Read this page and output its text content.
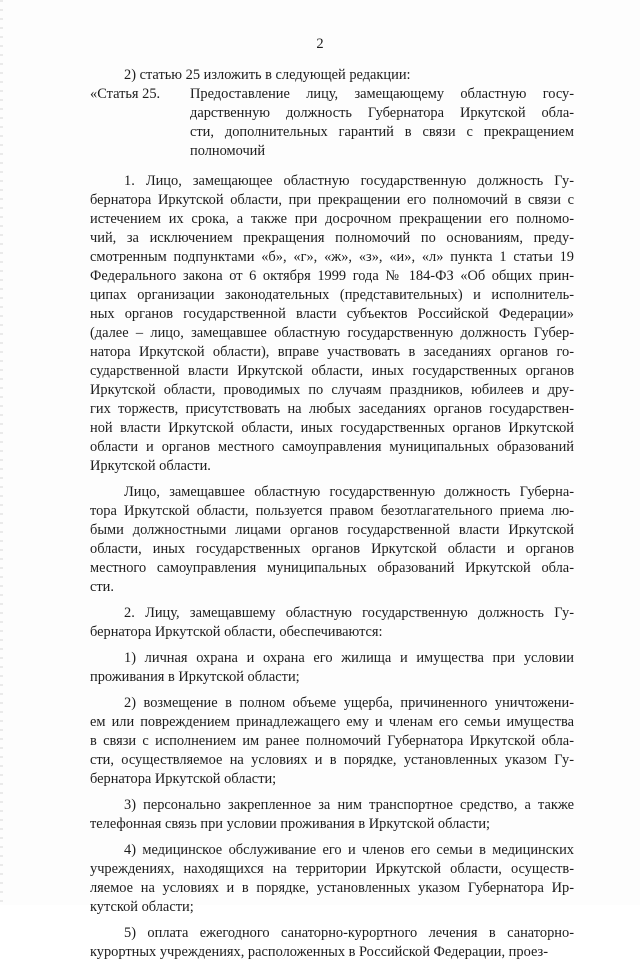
2
2) статью 25 изложить в следующей редакции:
«Статья 25.	Предоставление лицу, замещающему областную госу-
дарственную должность Губернатора Иркутской обла-
сти, дополнительных гарантий в связи с прекращением
полномочий
1. Лицо, замещающее областную государственную должность Гу-
бернатора Иркутской области, при прекращении его полномочий в связи с
истечением их срока, а также при досрочном прекращении его полномо-
чий, за исключением прекращения полномочий по основаниям, преду-
смотренным подпунктами «б», «г», «ж», «з», «и», «л» пункта 1 статьи 19
Федерального закона от 6 октября 1999 года № 184-ФЗ «Об общих прин-
ципах организации законодательных (представительных) и исполнитель-
ных органов государственной власти субъектов Российской Федерации»
(далее – лицо, замещавшее областную государственную должность Губер-
натора Иркутской области), вправе участвовать в заседаниях органов го-
сударственной власти Иркутской области, иных государственных органов
Иркутской области, проводимых по случаям праздников, юбилеев и дру-
гих торжеств, присутствовать на любых заседаниях органов государствен-
ной власти Иркутской области, иных государственных органов Иркутской
области и органов местного самоуправления муниципальных образований
Иркутской области.
Лицо, замещавшее областную государственную должность Губерна-
тора Иркутской области, пользуется правом безотлагательного приема лю-
быми должностными лицами органов государственной власти Иркутской
области, иных государственных органов Иркутской области и органов
местного самоуправления муниципальных образований Иркутской обла-
сти.
2. Лицу, замещавшему областную государственную должность Гу-
бернатора Иркутской области, обеспечиваются:
1) личная охрана и охрана его жилища и имущества при условии
проживания в Иркутской области;
2) возмещение в полном объеме ущерба, причиненного уничтожени-
ем или повреждением принадлежащего ему и членам его семьи имущества
в связи с исполнением им ранее полномочий Губернатора Иркутской обла-
сти, осуществляемое на условиях и в порядке, установленных указом Гу-
бернатора Иркутской области;
3) персонально закрепленное за ним транспортное средство, а также
телефонная связь при условии проживания в Иркутской области;
4) медицинское обслуживание его и членов его семьи в медицинских
учреждениях, находящихся на территории Иркутской области, осуществ-
ляемое на условиях и в порядке, установленных указом Губернатора Ир-
кутской области;
5) оплата ежегодного санаторно-курортного лечения в санаторно-
курортных учреждениях, расположенных в Российской Федерации, проез-
